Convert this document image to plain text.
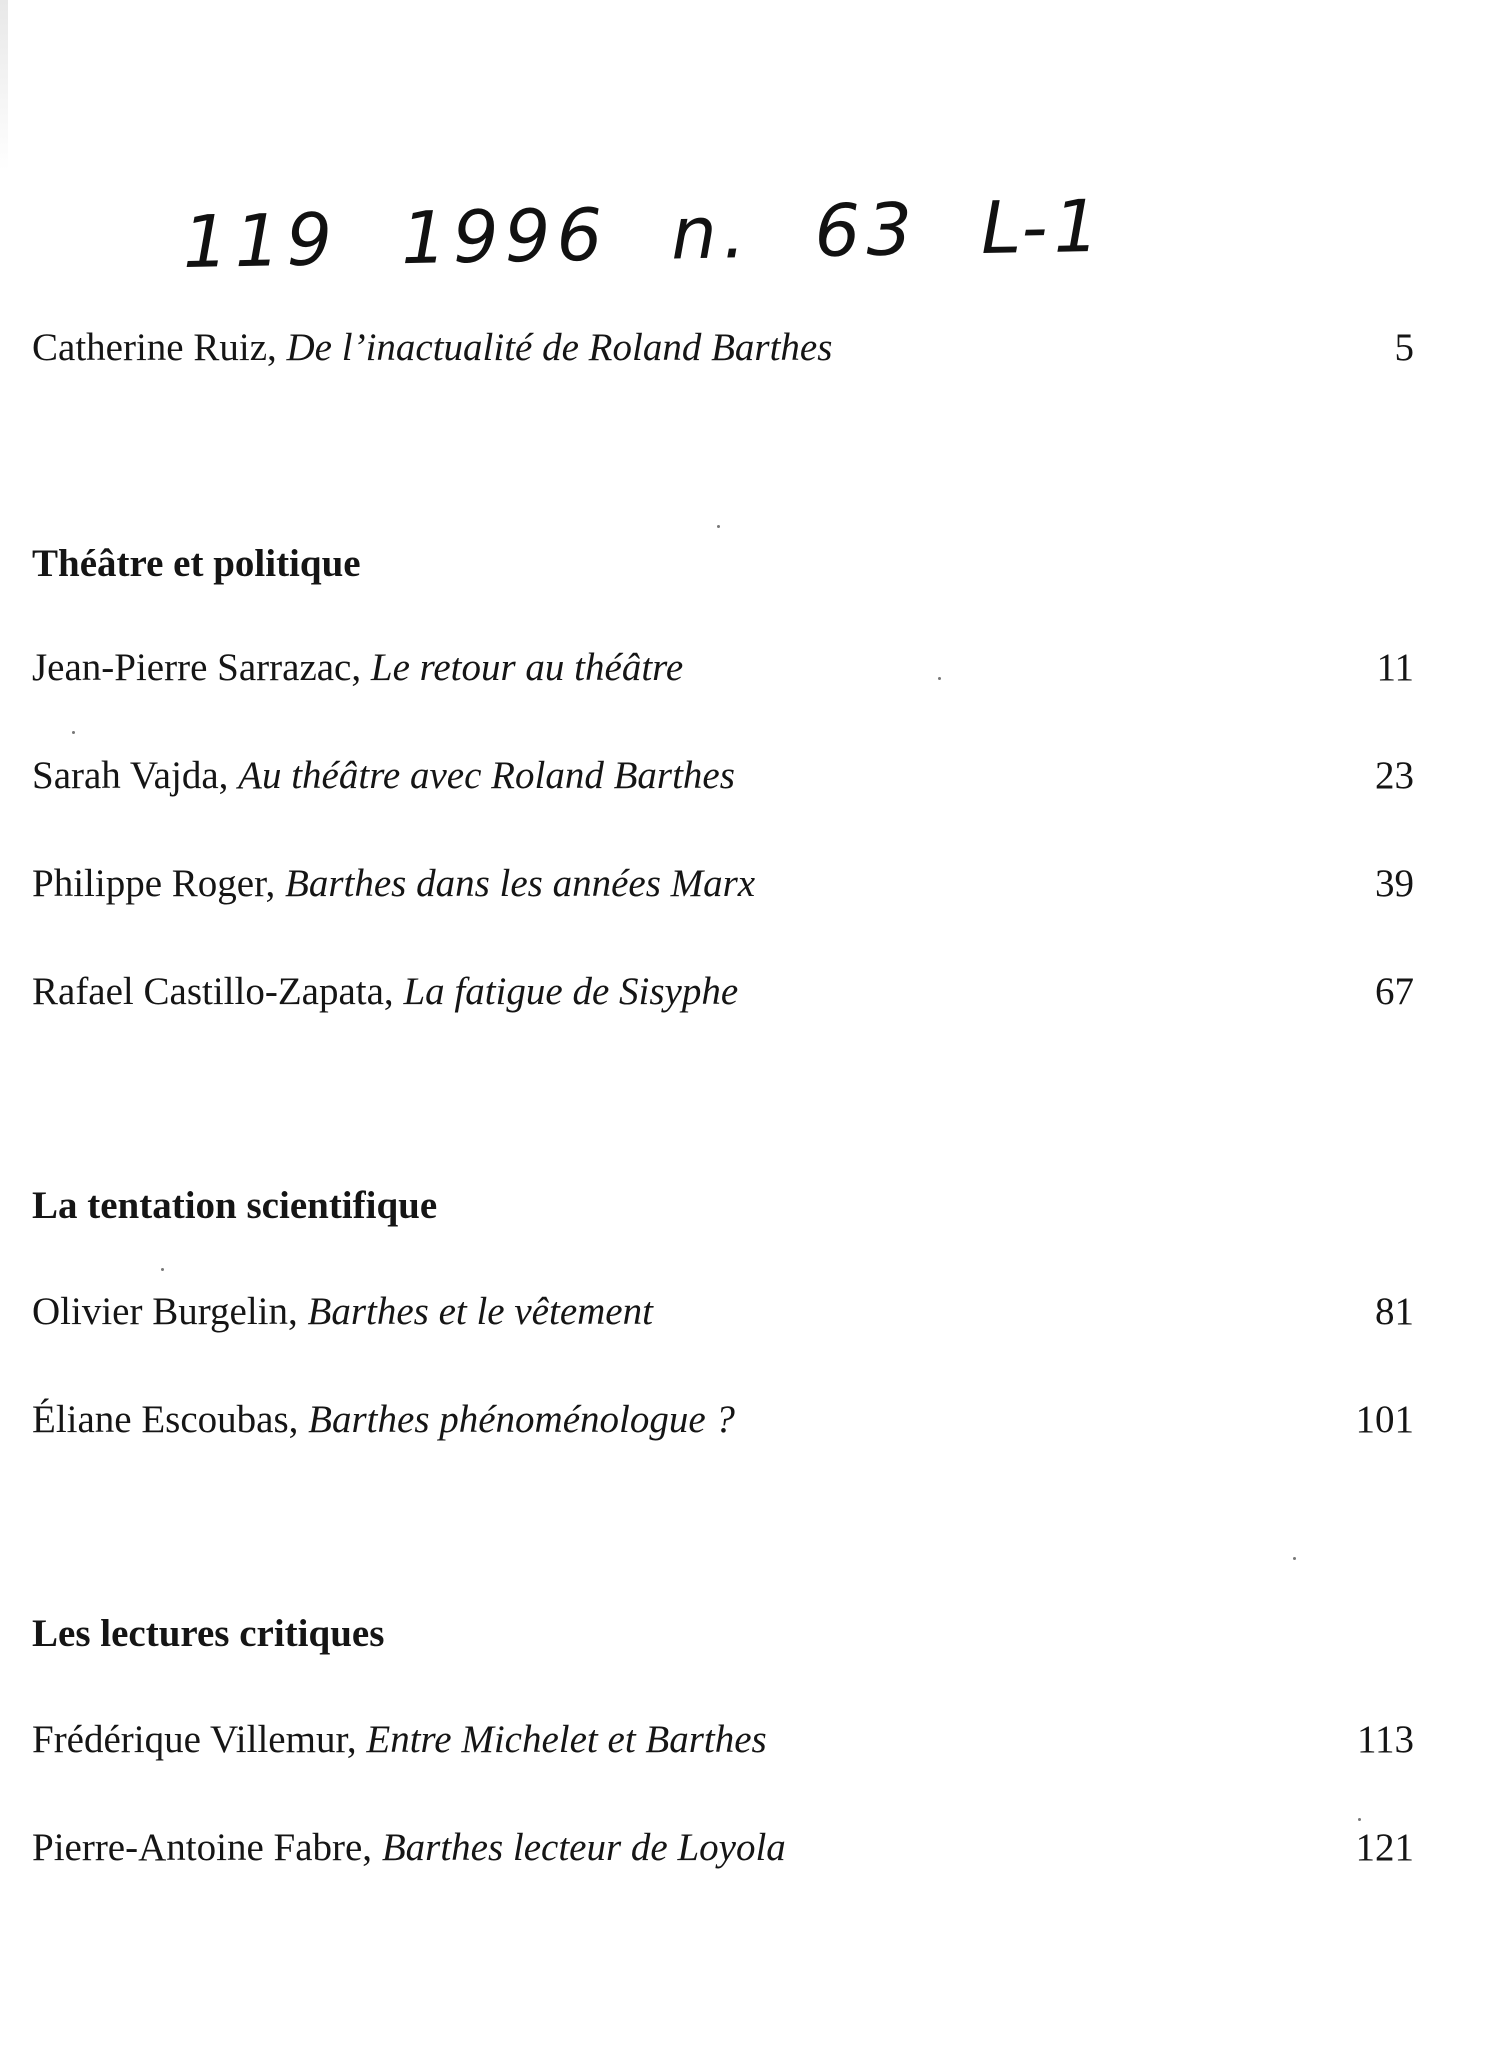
119 1996 n. 63 L-1
Catherine Ruiz, De l’inactualité de Roland Barthes	5
Théâtre et politique
Jean-Pierre Sarrazac, Le retour au théâtre	11
Sarah Vajda, Au théâtre avec Roland Barthes	23
Philippe Roger, Barthes dans les années Marx	39
Rafael Castillo-Zapata, La fatigue de Sisyphe	67
La tentation scientifique
Olivier Burgelin, Barthes et le vêtement	81
Éliane Escoubas, Barthes phénoménologue ?	101
Les lectures critiques
Frédérique Villemur, Entre Michelet et Barthes	113
Pierre-Antoine Fabre, Barthes lecteur de Loyola	121
